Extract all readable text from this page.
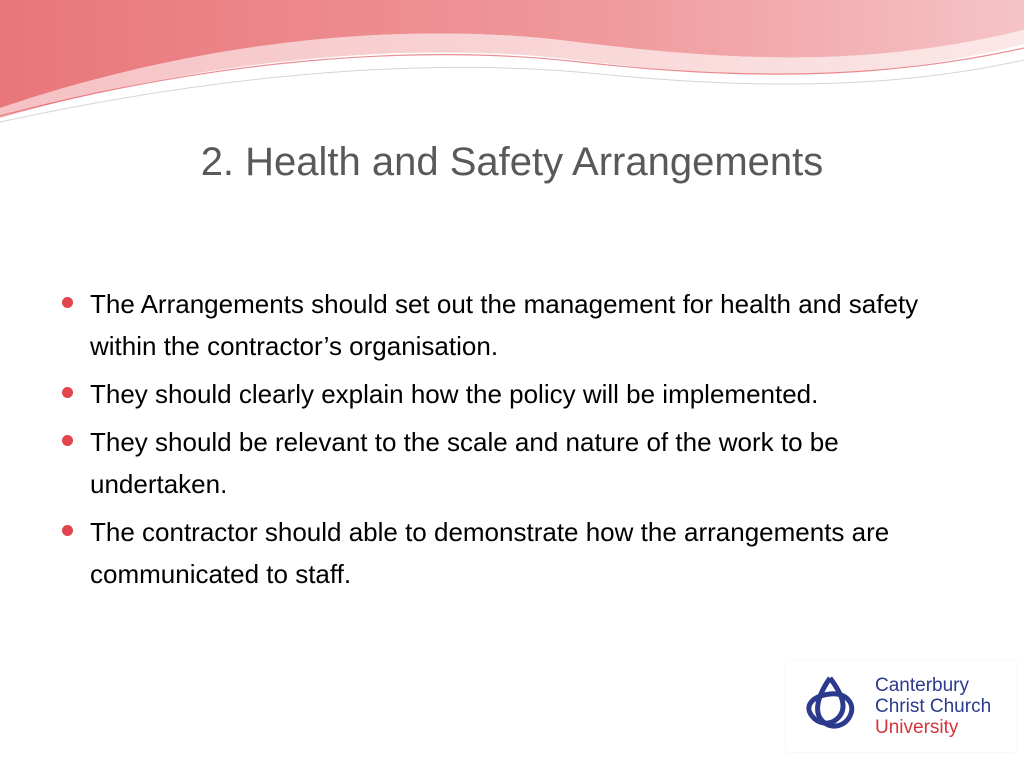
2. Health and Safety Arrangements
The Arrangements should set out the management for health and safety within the contractor’s organisation.
They should clearly explain how the policy will be implemented.
They should be relevant to the scale and nature of the work to be undertaken.
The contractor should able to demonstrate how the arrangements are communicated to staff.
Canterbury
Christ Church
University
